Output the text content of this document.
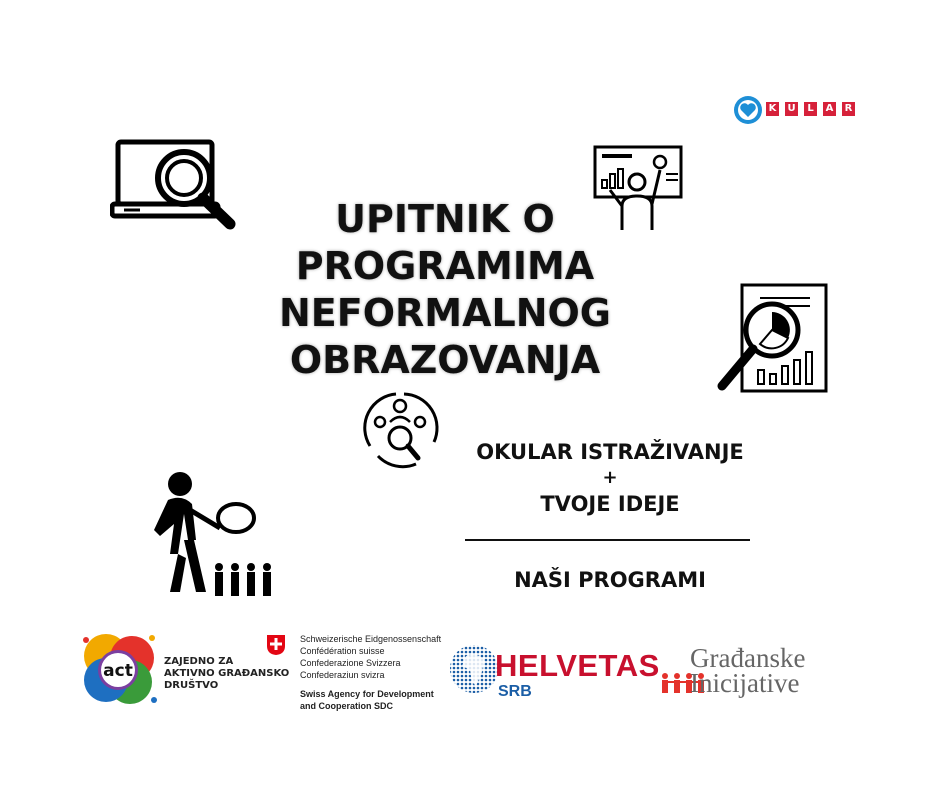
K U	L	A R
UPITNIK O
PROGRAMIMA
NEFORMALNOG
OBRAZOVANJA
OKULAR ISTRAŽIVANJE
+
TVOJE IDEJE
NAŠI PROGRAMI
act	ZAJEDNO ZA
AKTIVNO GRAĐANSKO
DRUŠTVO
Schweizerische Eidgenossenschaft
Confédération suisse
Confederazione Svizzera
Confederaziun svizra
Swiss Agency for Development
and Cooperation SDC
HELVETAS
SRB
Građanske
Inicijative
